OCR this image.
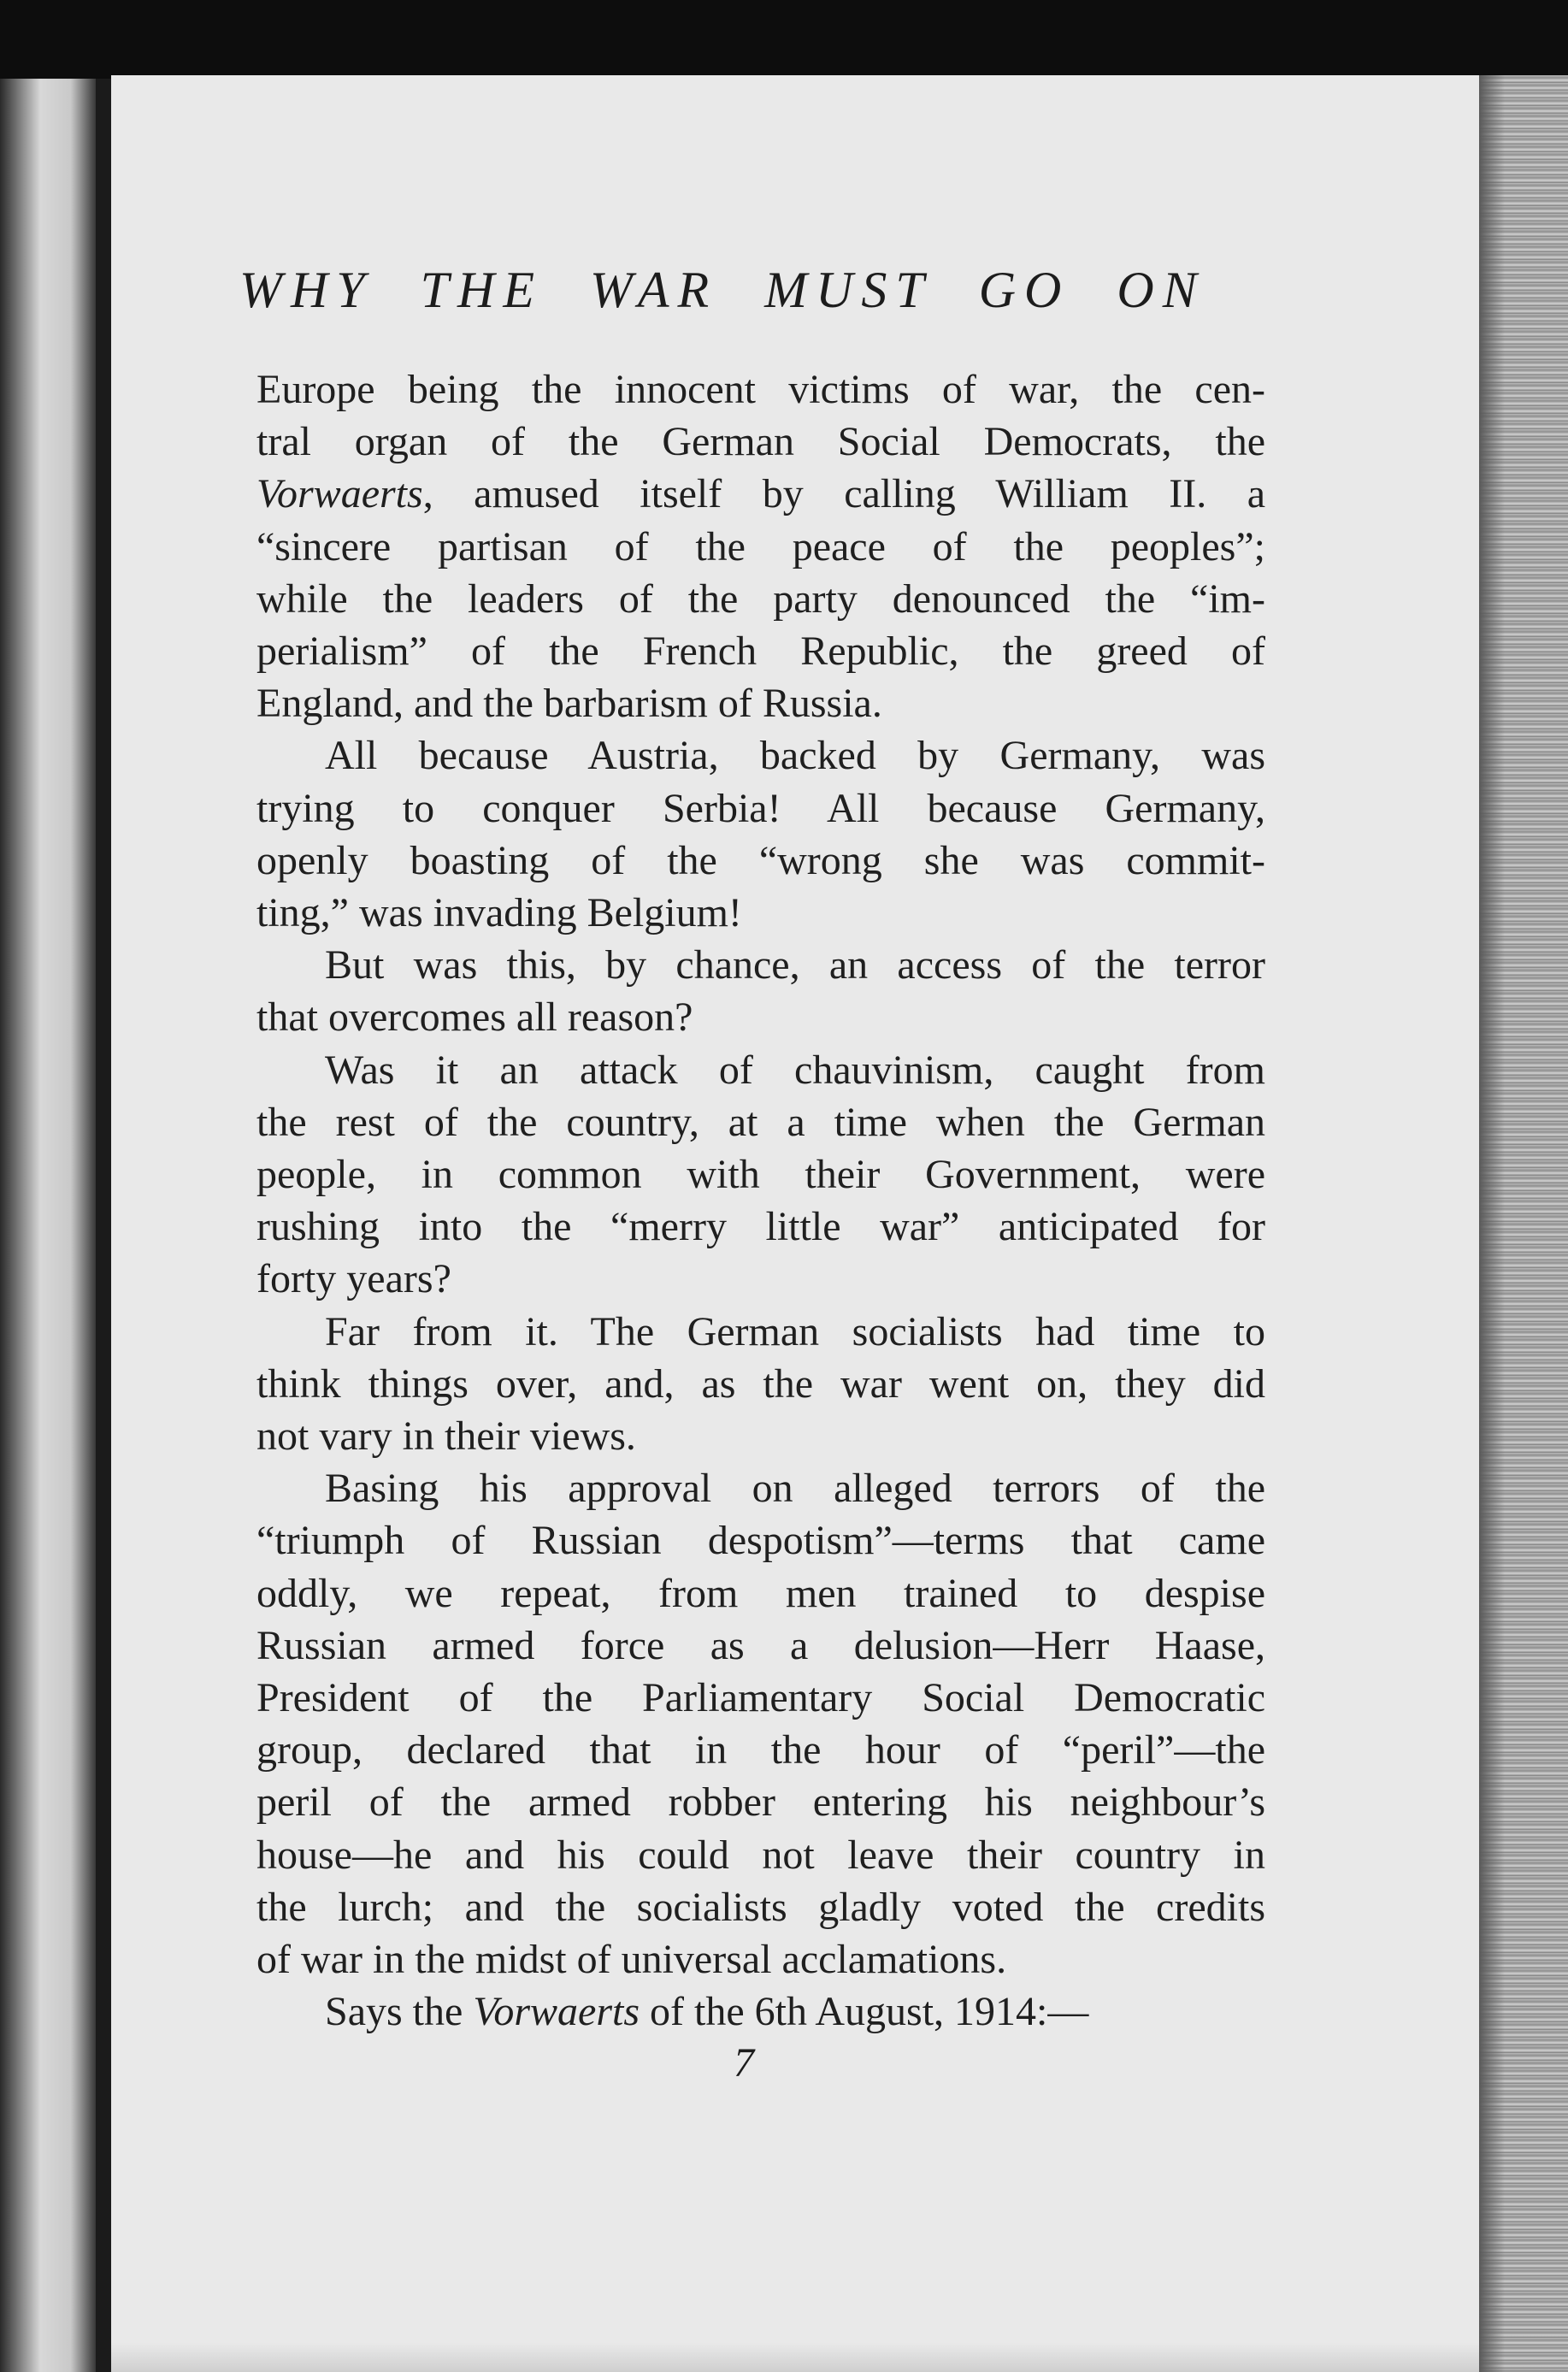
WHY THE WAR MUST GO ON

Europe being the innocent victims of war, the cen-
tral organ of the German Social Democrats, the
Vorwaerts, amused itself by calling William II. a
“sincere partisan of the peace of the peoples”;
while the leaders of the party denounced the “im-
perialism” of the French Republic, the greed of
England, and the barbarism of Russia.

All because Austria, backed by Germany, was
trying to conquer Serbia! All because Germany,
openly boasting of the “wrong she was commit-
ting,” was invading Belgium!

But was this, by chance, an access of the terror
that overcomes all reason?

Was it an attack of chauvinism, caught from
the rest of the country, at a time when the German
people, in common with their Government, were
rushing into the “merry little war” anticipated for
forty years?

Far from it. The German socialists had time to
think things over, and, as the war went on, they did
not vary in their views.

Basing his approval on alleged terrors of the
“triumph of Russian despotism”—terms that came
oddly, we repeat, from men trained to despise
Russian armed force as a delusion—Herr Haase,
President of the Parliamentary Social Democratic
group, declared that in the hour of “peril”—the
peril of the armed robber entering his neighbour’s
house—he and his could not leave their country in
the lurch; and the socialists gladly voted the credits
of war in the midst of universal acclamations.

Says the Vorwaerts of the 6th August, 1914:—

7
